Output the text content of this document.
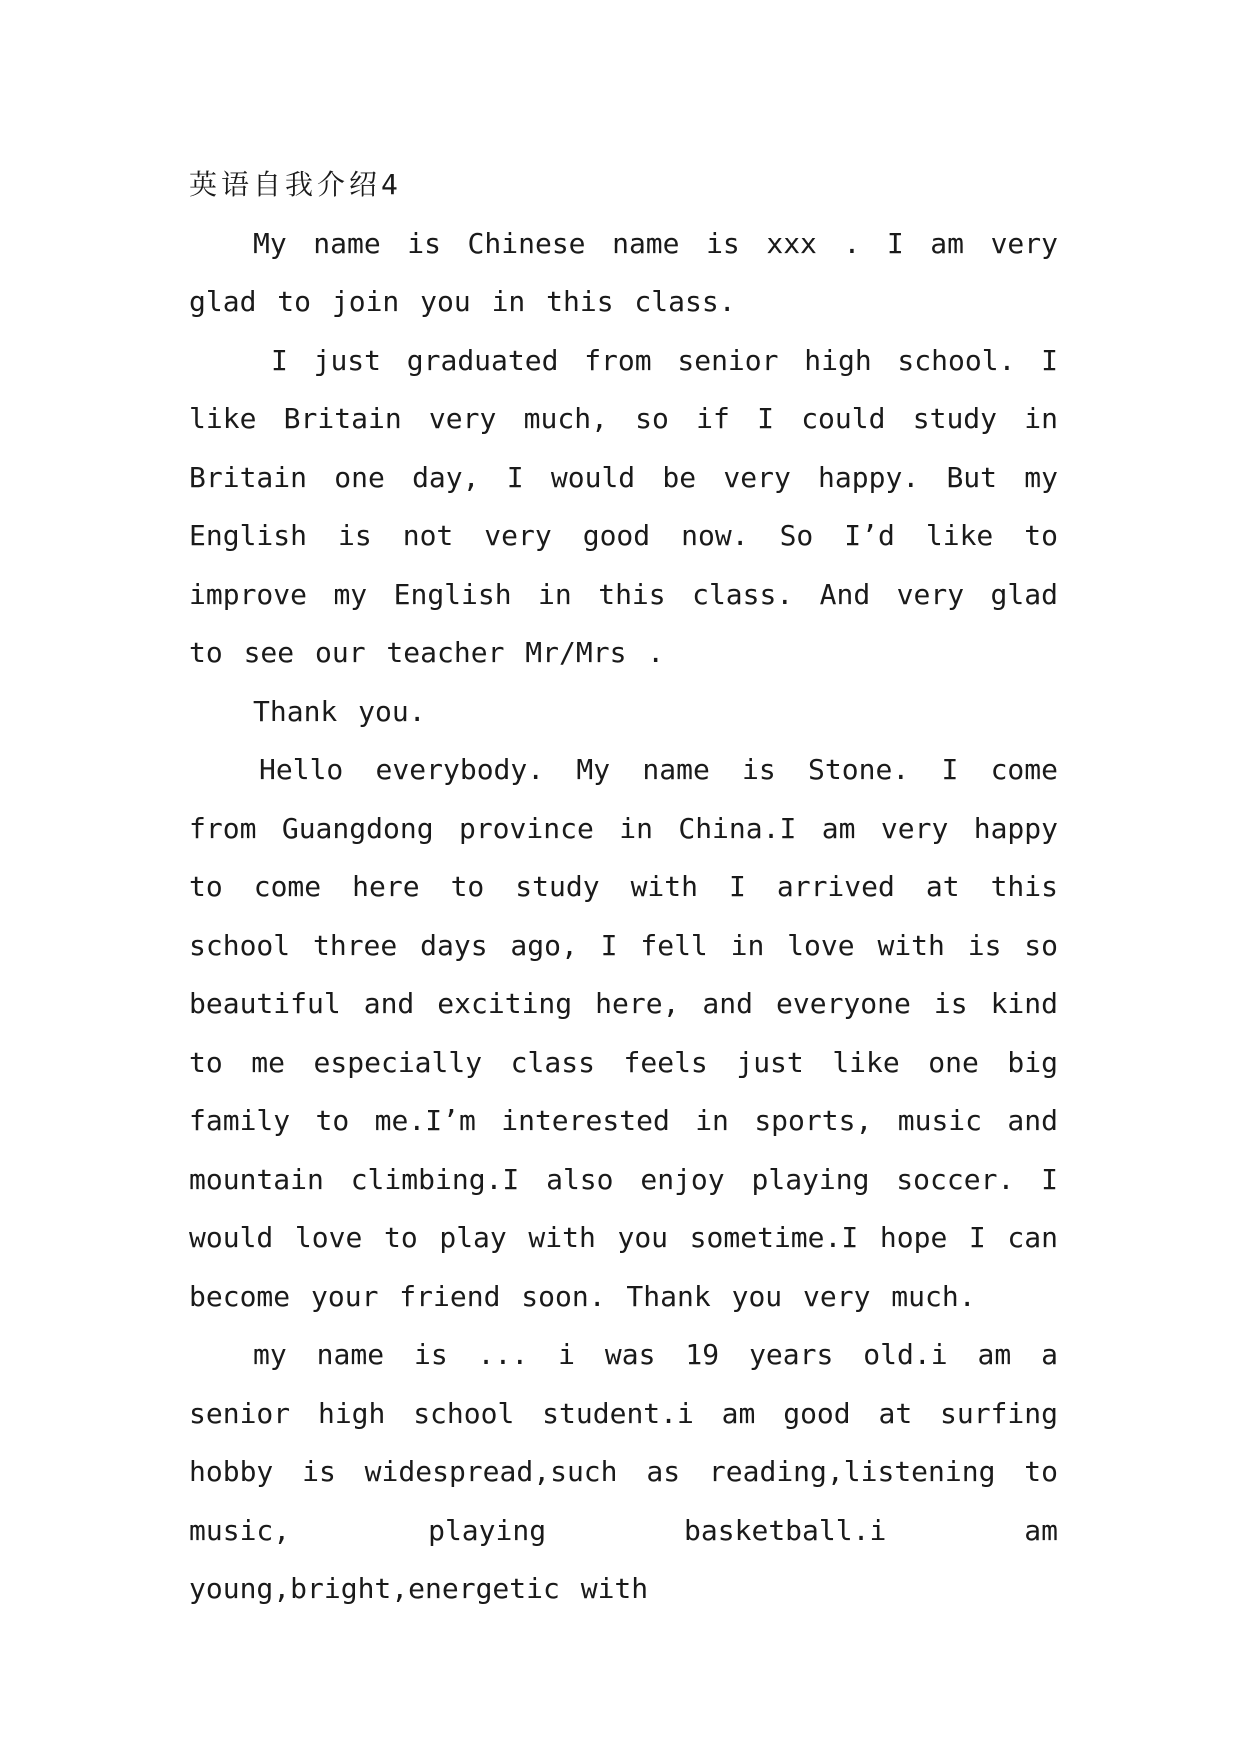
英语自我介绍4

My name is Chinese name is xxx . I am very glad to join you in this class.

I just graduated from senior high school. I like Britain very much, so if I could study in Britain one day, I would be very happy. But my English is not very good now. So I’d like to improve my English in this class. And very glad to see our teacher Mr/Mrs .

Thank you.

Hello everybody. My name is Stone. I come from Guangdong province in China.I am very happy to come here to study with I arrived at this school three days ago, I fell in love with is so beautiful and exciting here, and everyone is kind to me especially class feels just like one big family to me.I’m interested in sports, music and mountain climbing.I also enjoy playing soccer. I would love to play with you sometime.I hope I can become your friend soon. Thank you very much.

my name is ... i was 19 years old.i am a senior high school student.i am good at surfing hobby is widespread,such as reading,listening to music, playing basketball.i am young,bright,energetic with
